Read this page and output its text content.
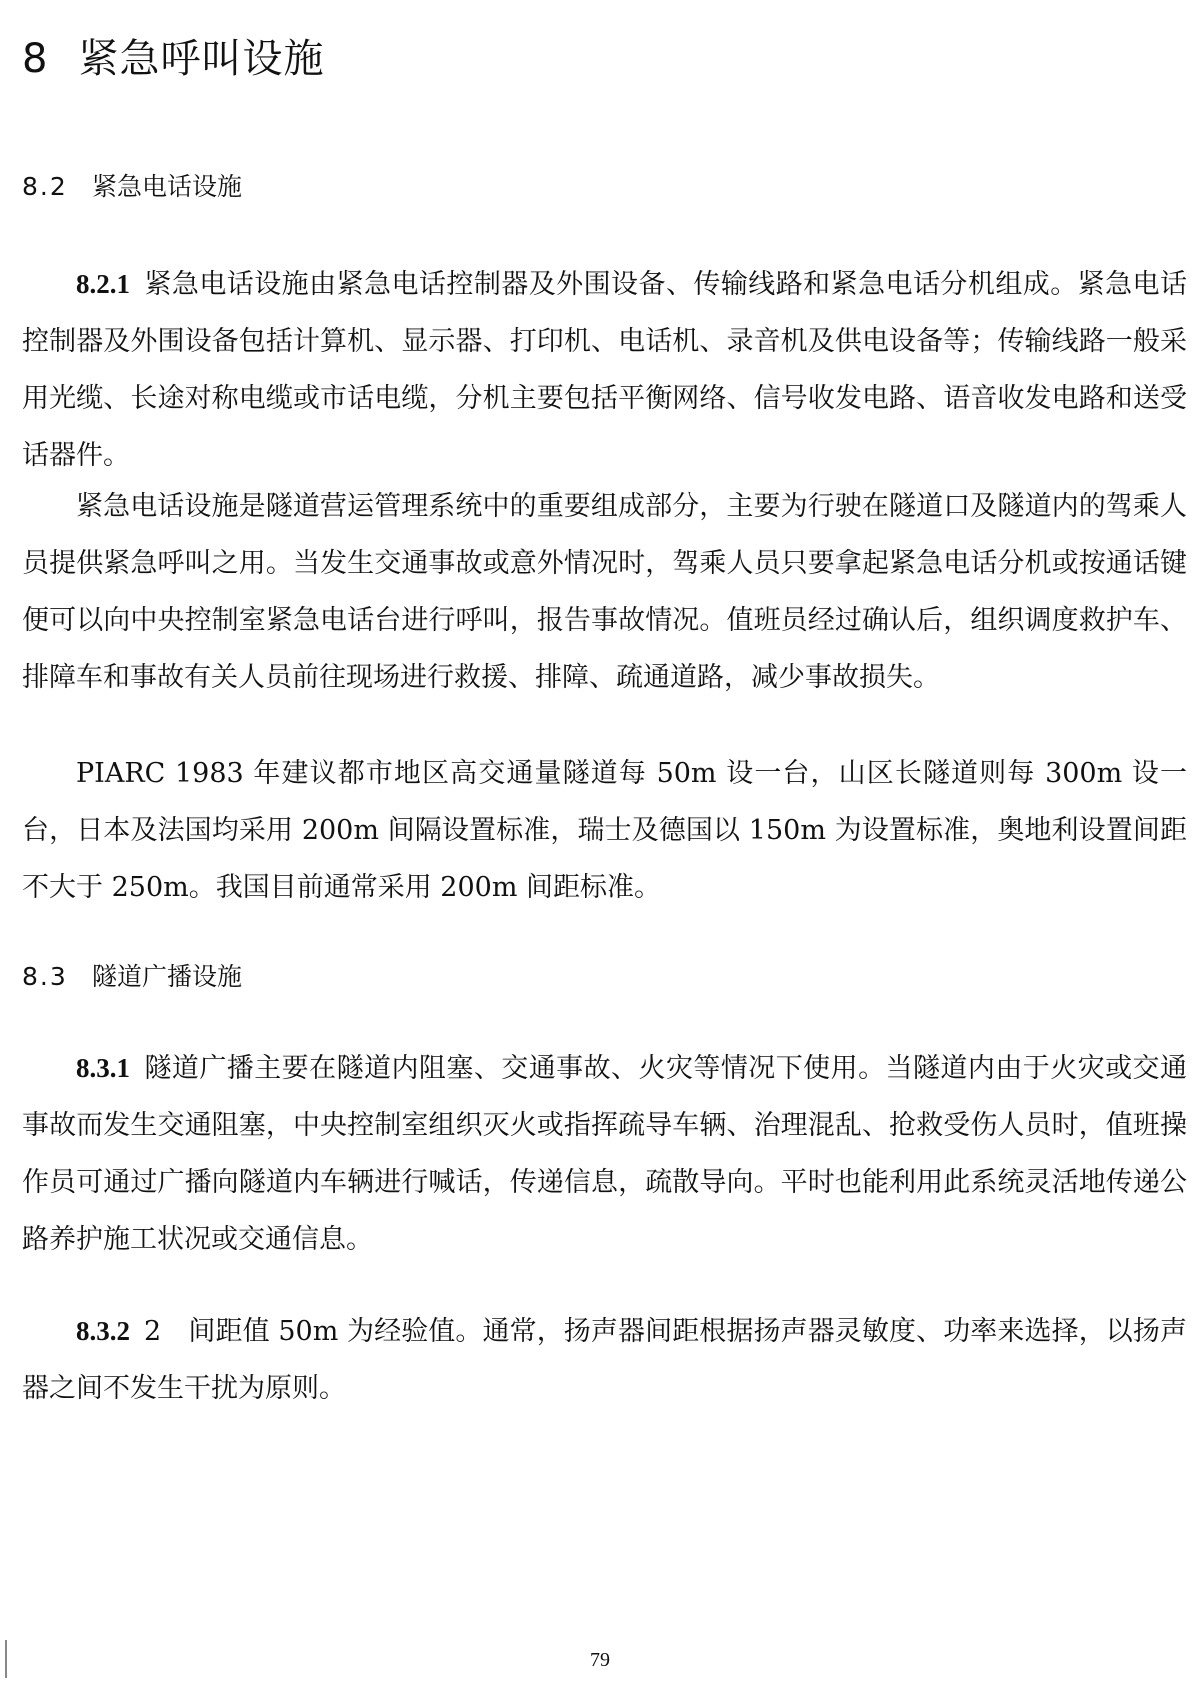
8 紧急呼叫设施
8.2 紧急电话设施

8.2.1 紧急电话设施由紧急电话控制器及外围设备、传输线路和紧急电话分机组成。紧急电话控制器及外围设备包括计算机、显示器、打印机、电话机、录音机及供电设备等；传输线路一般采用光缆、长途对称电缆或市话电缆，分机主要包括平衡网络、信号收发电路、语音收发电路和送受话器件。

紧急电话设施是隧道营运管理系统中的重要组成部分，主要为行驶在隧道口及隧道内的驾乘人员提供紧急呼叫之用。当发生交通事故或意外情况时，驾乘人员只要拿起紧急电话分机或按通话键便可以向中央控制室紧急电话台进行呼叫，报告事故情况。值班员经过确认后，组织调度救护车、排障车和事故有关人员前往现场进行救援、排障、疏通道路，减少事故损失。

PIARC 1983 年建议都市地区高交通量隧道每 50m 设一台，山区长隧道则每 300m 设一台，日本及法国均采用 200m 间隔设置标准，瑞士及德国以 150m 为设置标准，奥地利设置间距不大于 250m。我国目前通常采用 200m 间距标准。

8.3 隧道广播设施

8.3.1 隧道广播主要在隧道内阻塞、交通事故、火灾等情况下使用。当隧道内由于火灾或交通事故而发生交通阻塞，中央控制室组织灭火或指挥疏导车辆、治理混乱、抢救受伤人员时，值班操作员可通过广播向隧道内车辆进行喊话，传递信息，疏散导向。平时也能利用此系统灵活地传递公路养护施工状况或交通信息。

8.3.2 2　间距值 50m 为经验值。通常，扬声器间距根据扬声器灵敏度、功率来选择，以扬声器之间不发生干扰为原则。

79
